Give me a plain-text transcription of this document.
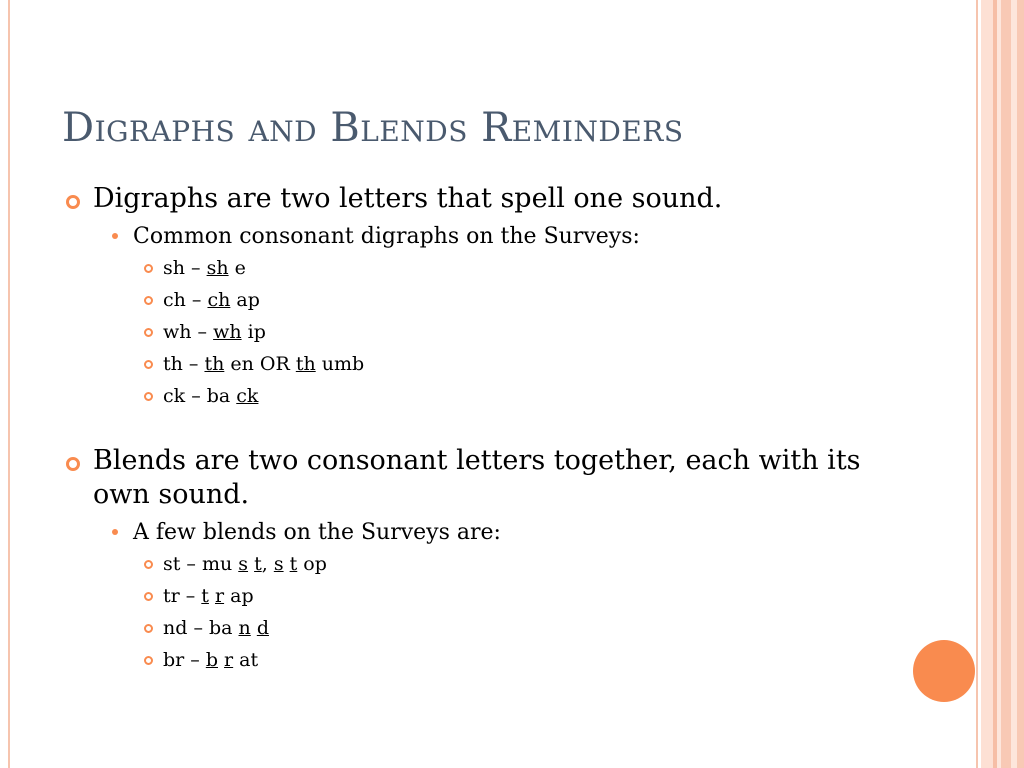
Digraphs and Blends Reminders
Digraphs are two letters that spell one sound.
Common consonant digraphs on the Surveys:
sh – sh e
ch – ch ap
wh – wh ip
th – th en OR th umb
ck – ba ck
Blends are two consonant letters together, each with its own sound.
A few blends on the Surveys are:
st – mu s t, s t op
tr – t r ap
nd – ba n d
br – b r at
